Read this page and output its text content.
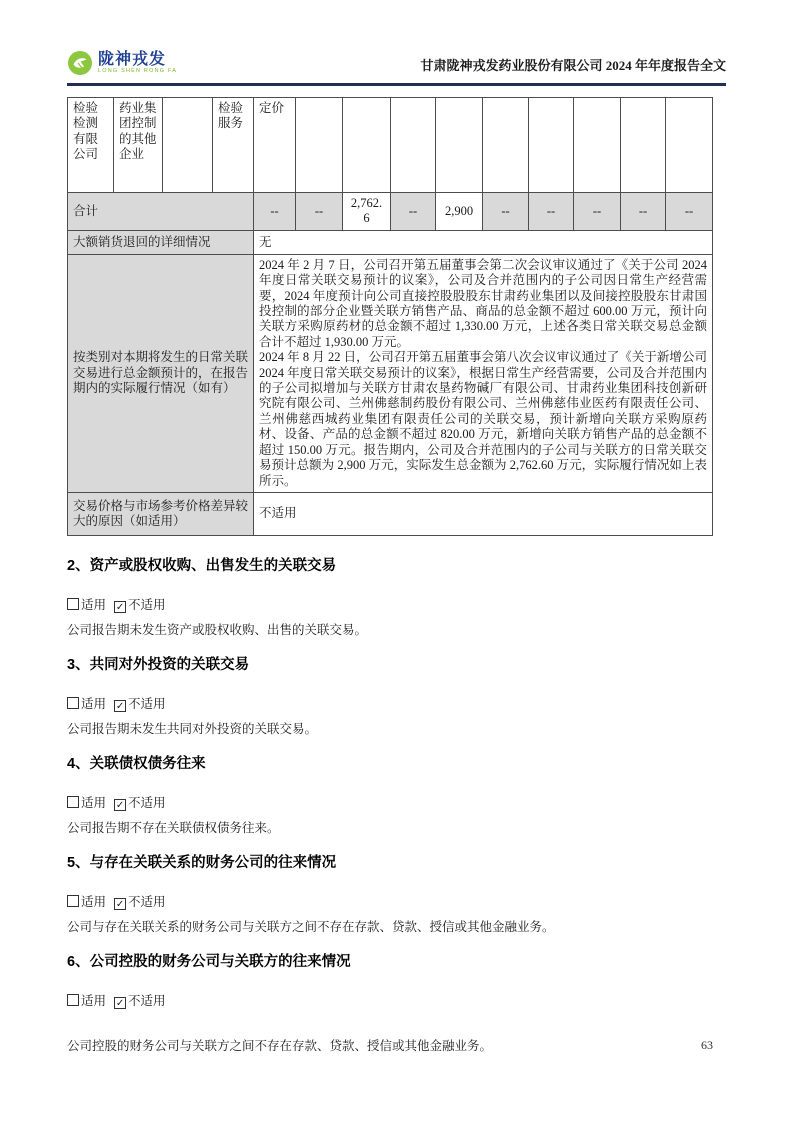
陇神戎发
LONG SHEN RONG FA	甘肃陇神戎发药业股份有限公司 2024 年年度报告全文
检验检测有限公司	药业集团控制的其他企业		检验服务	定价									
合计				--	--	2,762.6	--	2,900	--	--	--	--	--
大额销货退回的详细情况				无									
按类别对本期将发生的日常关联交易进行总金额预计的，在报告期内的实际履行情况（如有）				2024 年 2 月 7 日，公司召开第五届董事会第二次会议审议通过了《关于公司 2024 年度日常关联交易预计的议案》，公司及合并范围内的子公司因日常生产经营需要，2024 年度预计向公司直接控股股股东甘肃药业集团以及间接控股股东甘肃国投控制的部分企业暨关联方销售产品、商品的总金额不超过 600.00 万元，预计向关联方采购原药材的总金额不超过 1,330.00 万元，上述各类日常关联交易总金额合计不超过 1,930.00 万元。

2024 年 8 月 22 日，公司召开第五届董事会第八次会议审议通过了《关于新增公司 2024 年度日常关联交易预计的议案》，根据日常生产经营需要，公司及合并范围内的子公司拟增加与关联方甘肃农垦药物碱厂有限公司、甘肃药业集团科技创新研究院有限公司、兰州佛慈制药股份有限公司、兰州佛慈伟业医药有限责任公司、兰州佛慈西城药业集团有限责任公司的关联交易，预计新增向关联方采购原药材、设备、产品的总金额不超过 820.00 万元，新增向关联方销售产品的总金额不超过 150.00 万元。报告期内，公司及合并范围内的子公司与关联方的日常关联交易预计总额为 2,900 万元，实际发生总金额为 2,762.60 万元，实际履行情况如上表所示。									

交易价格与市场参考价格差异较大的原因（如适用）				不适用									
2、资产或股权收购、出售发生的关联交易
适用 ✓ 不适用

公司报告期未发生资产或股权收购、出售的关联交易。

3、共同对外投资的关联交易
适用 ✓ 不适用

公司报告期未发生共同对外投资的关联交易。

4、关联债权债务往来
适用 ✓ 不适用

公司报告期不存在关联债权债务往来。

5、与存在关联关系的财务公司的往来情况
适用 ✓ 不适用

公司与存在关联关系的财务公司与关联方之间不存在存款、贷款、授信或其他金融业务。

6、公司控股的财务公司与关联方的往来情况
适用 ✓ 不适用

公司控股的财务公司与关联方之间不存在存款、贷款、授信或其他金融业务。	63
